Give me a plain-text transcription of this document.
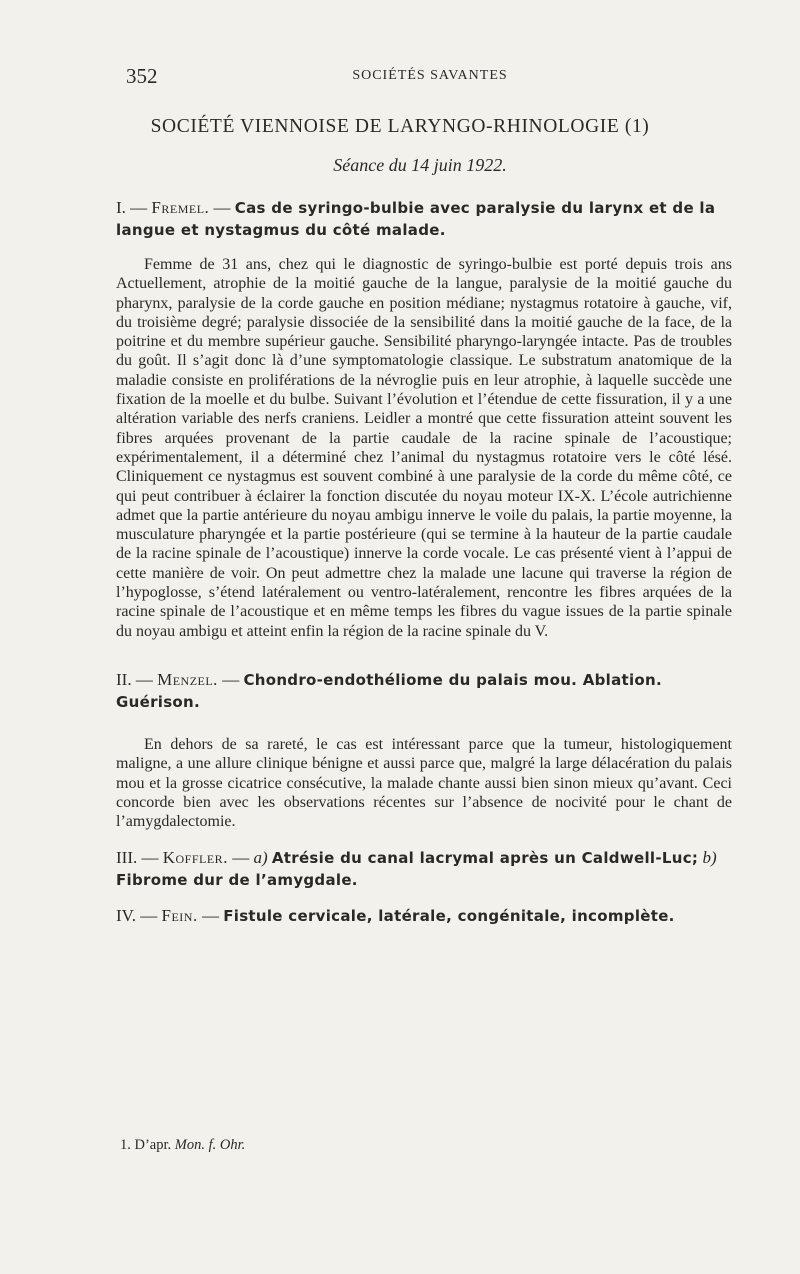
352	SOCIÉTÉS SAVANTES
SOCIÉTÉ VIENNOISE DE LARYNGO-RHINOLOGIE (1)
Séance du 14 juin 1922.

I. — Fremel. — Cas de syringo-bulbie avec paralysie du larynx et de la langue et nystagmus du côté malade.

Femme de 31 ans, chez qui le diagnostic de syringo-bulbie est porté depuis trois ans Actuellement, atrophie de la moitié gauche de la langue, paralysie de la moitié gauche du pharynx, paralysie de la corde gauche en position médiane; nystagmus rotatoire à gauche, vif, du troisième degré; paralysie dissociée de la sensibilité dans la moitié gauche de la face, de la poitrine et du membre supérieur gauche. Sensibilité pharyngo-laryngée intacte. Pas de troubles du goût. Il s’agit donc là d’une symptomatologie classique. Le substratum anatomique de la maladie consiste en proliférations de la névroglie puis en leur atrophie, à laquelle succède une fixation de la moelle et du bulbe. Suivant l’évolution et l’étendue de cette fissuration, il y a une altération variable des nerfs craniens. Leidler a montré que cette fissuration atteint souvent les fibres arquées provenant de la partie caudale de la racine spinale de l’acoustique; expérimentalement, il a déterminé chez l’animal du nystagmus rotatoire vers le côté lésé. Cliniquement ce nystagmus est souvent combiné à une paralysie de la corde du même côté, ce qui peut contribuer à éclairer la fonction discutée du noyau moteur IX-X. L’école autrichienne admet que la partie antérieure du noyau ambigu innerve le voile du palais, la partie moyenne, la musculature pharyngée et la partie postérieure (qui se termine à la hauteur de la partie caudale de la racine spinale de l’acoustique) innerve la corde vocale. Le cas présenté vient à l’appui de cette manière de voir. On peut admettre chez la malade une lacune qui traverse la région de l’hypoglosse, s’étend latéralement ou ventro-latéralement, rencontre les fibres arquées de la racine spinale de l’acoustique et en même temps les fibres du vague issues de la partie spinale du noyau ambigu et atteint enfin la région de la racine spinale du V.

II. — Menzel. — Chondro-endothéliome du palais mou. Ablation. Guérison.

En dehors de sa rareté, le cas est intéressant parce que la tumeur, histologiquement maligne, a une allure clinique bénigne et aussi parce que, malgré la large délacération du palais mou et la grosse cicatrice consécutive, la malade chante aussi bien sinon mieux qu’avant. Ceci concorde bien avec les observations récentes sur l’absence de nocivité pour le chant de l’amygdalectomie.

III. — Koffler. — a) Atrésie du canal lacrymal après un Caldwell-Luc; b) Fibrome dur de l’amygdale.

IV. — Fein. — Fistule cervicale, latérale, congénitale, incomplète.

1. D’apr. Mon. f. Ohr.
